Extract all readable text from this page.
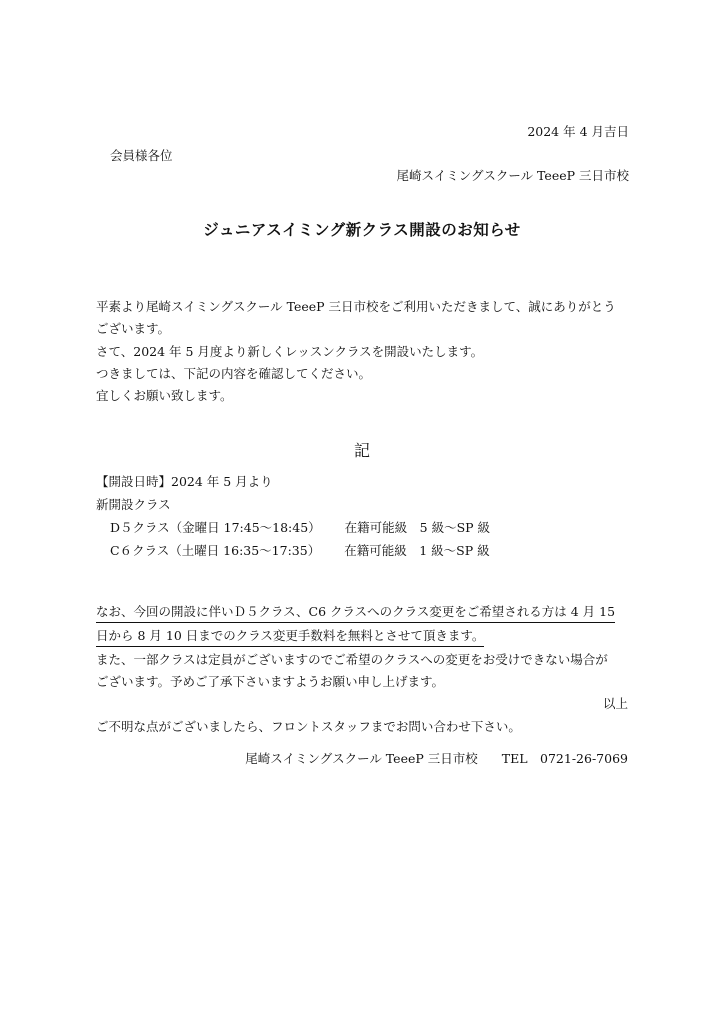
2024 年 4 月吉日
会員様各位
尾崎スイミングスクール TeeeP 三日市校
ジュニアスイミング新クラス開設のお知らせ
平素より尾崎スイミングスクール TeeeP 三日市校をご利用いただきまして、誠にありがとう
ございます。
さて、2024 年 5 月度より新しくレッスンクラスを開設いたします。
つきましては、下記の内容を確認してください。
宜しくお願い致します。
記
【開設日時】2024 年 5 月より
新開設クラス
D５クラス（金曜日 17:45～18:45） 在籍可能級　5 級～SP 級
C６クラス（土曜日 16:35～17:35） 在籍可能級　1 級～SP 級
なお、今回の開設に伴いＤ５クラス、C6 クラスへのクラス変更をご希望される方は 4 月 15
日から 8 月 10 日までのクラス変更手数料を無料とさせて頂きます。
また、一部クラスは定員がございますのでご希望のクラスへの変更をお受けできない場合が
ございます。予めご了承下さいますようお願い申し上げます。
以上
ご不明な点がございましたら、フロントスタッフまでお問い合わせ下さい。
尾崎スイミングスクール TeeeP 三日市校 TEL　0721-26-7069
